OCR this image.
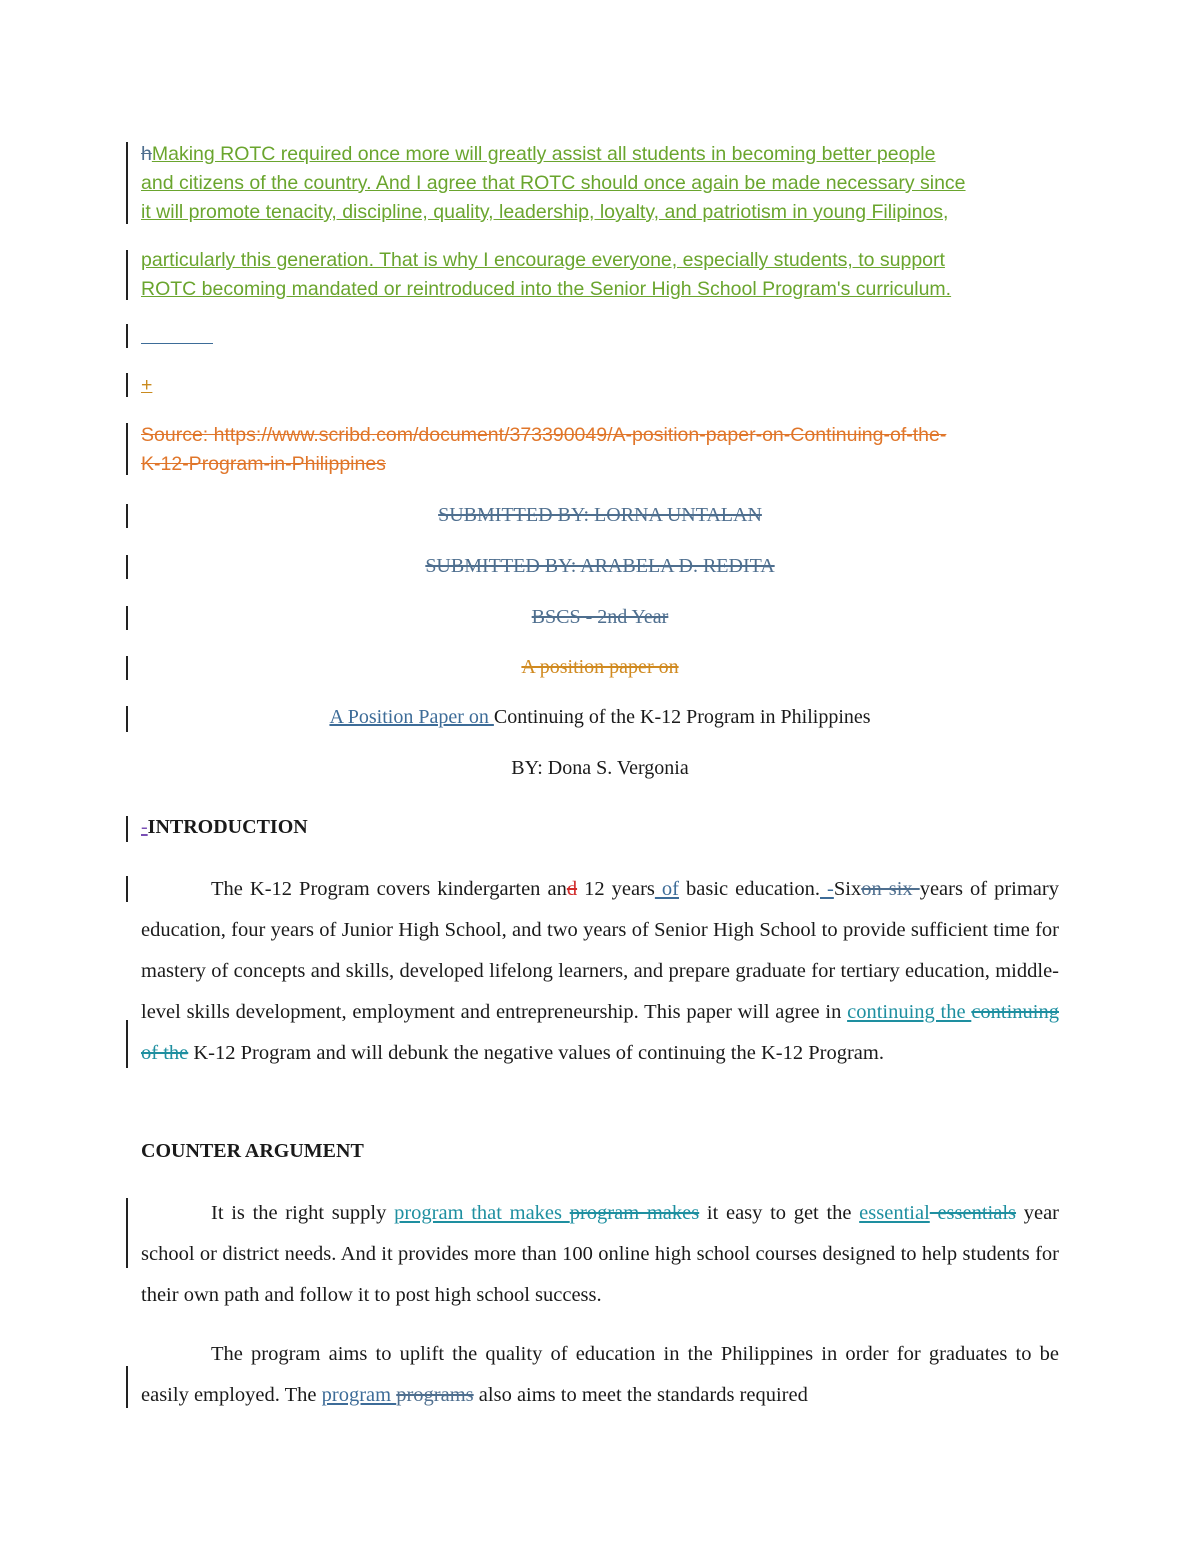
hMaking ROTC required once more will greatly assist all students in becoming better people
and citizens of the country. And I agree that ROTC should once again be made necessary since
it will promote tenacity, discipline, quality, leadership, loyalty, and patriotism in young Filipinos,
particularly this generation. That is why I encourage everyone, especially students, to support
ROTC becoming mandated or reintroduced into the Senior High School Program's curriculum.
+
Source: https://www.scribd.com/document/373390049/A-position-paper-on-Continuing-of-the-
K-12-Program-in-Philippines
SUBMITTED BY: LORNA UNTALAN
SUBMITTED BY: ARABELA D. REDITA
BSCS - 2nd Year
A position paper on
A Position Paper on Continuing of the K-12 Program in Philippines
BY: Dona S. Vergonia
-INTRODUCTION
The K-12 Program covers kindergarten and 12 years of basic education. -Sixon six years of primary education, four years of Junior High School, and two years of Senior High School to provide sufficient time for mastery of concepts and skills, developed lifelong learners, and prepare graduate for tertiary education, middle-level skills development, employment and entrepreneurship. This paper will agree in continuing the continuing of the K-12 Program and will debunk the negative values of continuing the K-12 Program.
COUNTER ARGUMENT
It is the right supply program that makes program makes it easy to get the essential essentials year school or district needs. And it provides more than 100 online high school courses designed to help students for their own path and follow it to post high school success.
The program aims to uplift the quality of education in the Philippines in order for graduates to be easily employed. The program programs also aims to meet the standards required
